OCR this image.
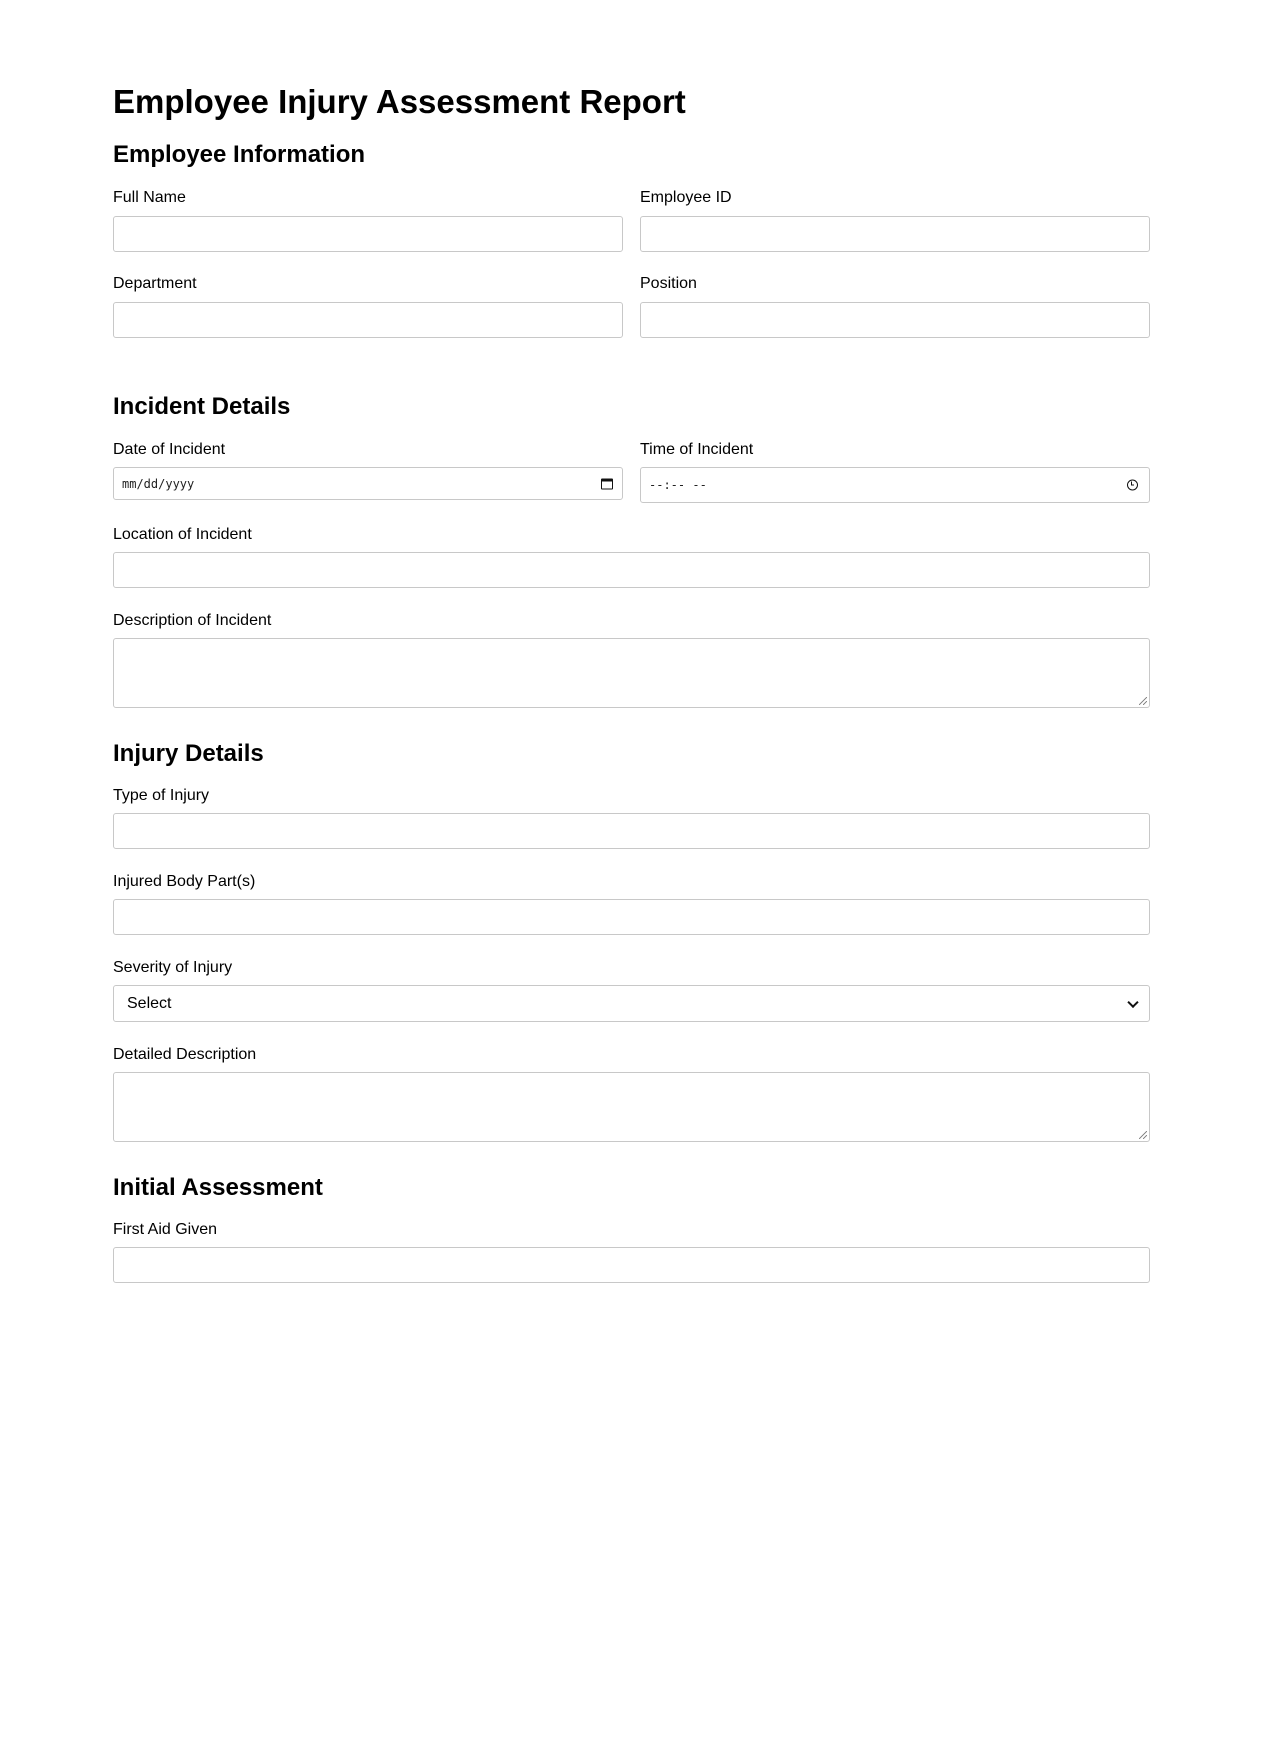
Employee Injury Assessment Report
Employee Information
Full Name	Employee ID
Department	Position
Incident Details
Date of Incident
mm/dd/yyyy
Time of Incident
--:-- --
Location of Incident
Description of Incident
Injury Details
Type of Injury
Injured Body Part(s)
Severity of Injury
Select
Detailed Description
Initial Assessment
First Aid Given
